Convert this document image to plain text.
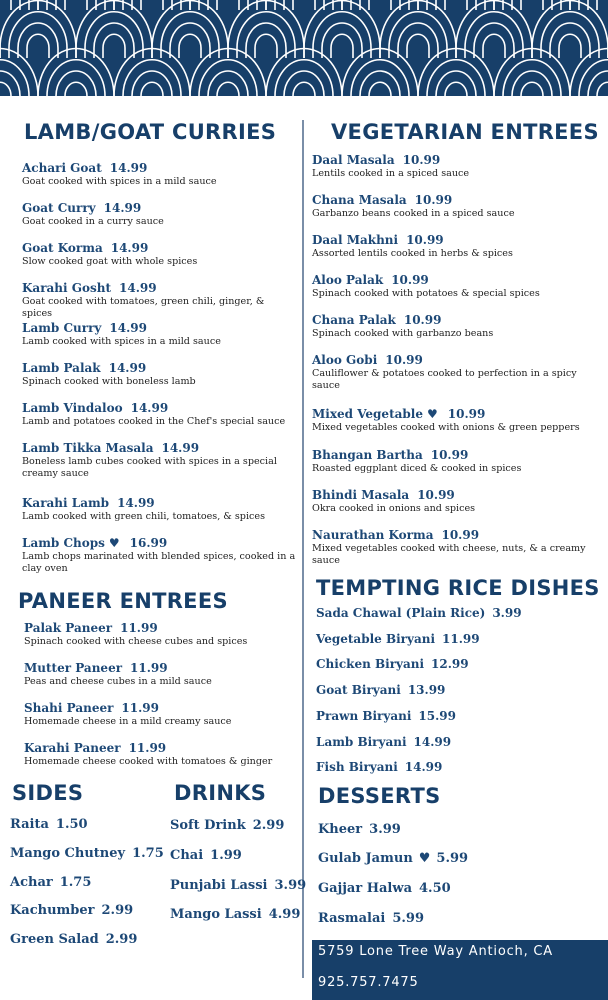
LAMB/GOAT CURRIES
Achari Goat 14.99
Goat cooked with spices in a mild sauce
Goat Curry 14.99
Goat cooked in a curry sauce
Goat Korma 14.99
Slow cooked goat with whole spices
Karahi Gosht 14.99
Goat cooked with tomatoes, green chili, ginger, & spices
Lamb Curry 14.99
Lamb cooked with spices in a mild sauce
Lamb Palak 14.99
Spinach cooked with boneless lamb
Lamb Vindaloo 14.99
Lamb and potatoes cooked in the Chef's special sauce
Lamb Tikka Masala 14.99
Boneless lamb cubes cooked with spices in a special creamy sauce
Karahi Lamb 14.99
Lamb cooked with green chili, tomatoes, & spices
Lamb Chops ♥ 16.99
Lamb chops marinated with blended spices, cooked in a clay oven
PANEER ENTREES
Palak Paneer 11.99
Spinach cooked with cheese cubes and spices
Mutter Paneer 11.99
Peas and cheese cubes in a mild sauce
Shahi Paneer 11.99
Homemade cheese in a mild creamy sauce
Karahi Paneer 11.99
Homemade cheese cooked with tomatoes & ginger
SIDES
Raita 1.50
Mango Chutney 1.75
Achar 1.75
Kachumber 2.99
Green Salad 2.99
DRINKS
Soft Drink 2.99
Chai 1.99
Punjabi Lassi 3.99
Mango Lassi 4.99
VEGETARIAN ENTREES
Daal Masala 10.99
Lentils cooked in a spiced sauce
Chana Masala 10.99
Garbanzo beans cooked in a spiced sauce
Daal Makhni 10.99
Assorted lentils cooked in herbs & spices
Aloo Palak 10.99
Spinach cooked with potatoes & special spices
Chana Palak 10.99
Spinach cooked with garbanzo beans
Aloo Gobi 10.99
Cauliflower & potatoes cooked to perfection in a spicy sauce
Mixed Vegetable ♥ 10.99
Mixed vegetables cooked with onions & green peppers
Bhangan Bartha 10.99
Roasted eggplant diced & cooked in spices
Bhindi Masala 10.99
Okra cooked in onions and spices
Naurathan Korma 10.99
Mixed vegetables cooked with cheese, nuts, & a creamy sauce
TEMPTING RICE DISHES
Sada Chawal (Plain Rice) 3.99
Vegetable Biryani 11.99
Chicken Biryani 12.99
Goat Biryani 13.99
Prawn Biryani 15.99
Lamb Biryani 14.99
Fish Biryani 14.99
DESSERTS
Kheer 3.99
Gulab Jamun ♥ 5.99
Gajjar Halwa 4.50
Rasmalai 5.99
5759 Lone Tree Way Antioch, CA
925.757.7475
